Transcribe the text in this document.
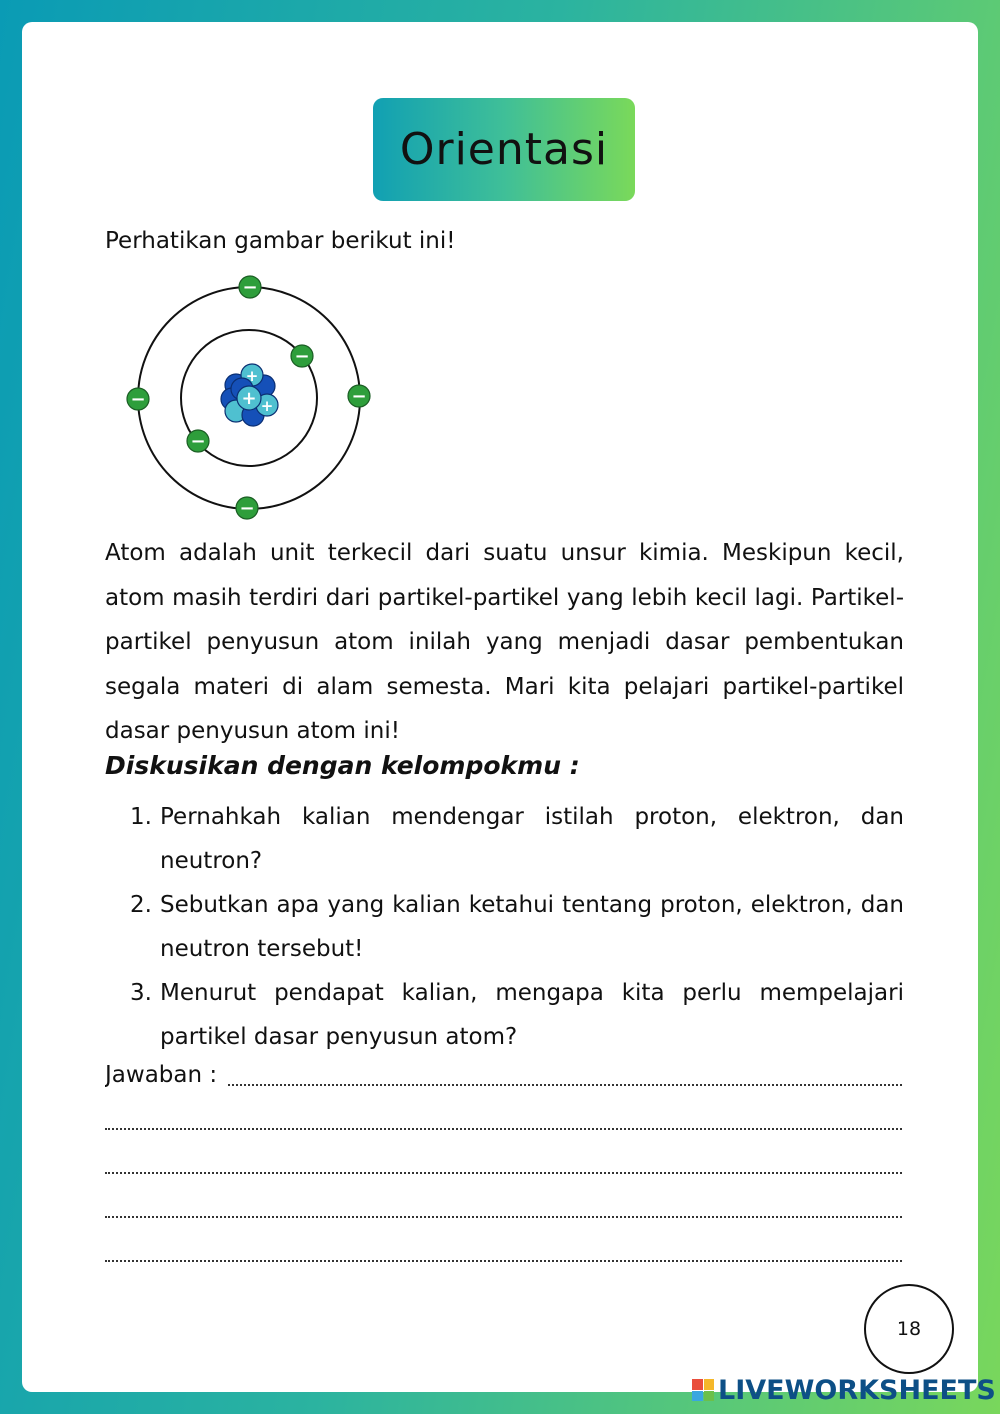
Orientasi
Perhatikan gambar berikut ini!
+
+
+
−
−
−	−
−
−
Atom adalah unit terkecil dari suatu unsur kimia. Meskipun kecil, atom masih terdiri dari partikel-partikel yang lebih kecil lagi. Partikel-partikel penyusun atom inilah yang menjadi dasar pembentukan segala materi di alam semesta. Mari kita pelajari partikel-partikel dasar penyusun atom ini!
Diskusikan dengan kelompokmu :
1. Pernahkah kalian mendengar istilah proton, elektron, dan neutron?
2. Sebutkan apa yang kalian ketahui tentang proton, elektron, dan neutron tersebut!
3. Menurut pendapat kalian, mengapa kita perlu mempelajari partikel dasar penyusun atom?
Jawaban :
18
LIVEWORKSHEETS
